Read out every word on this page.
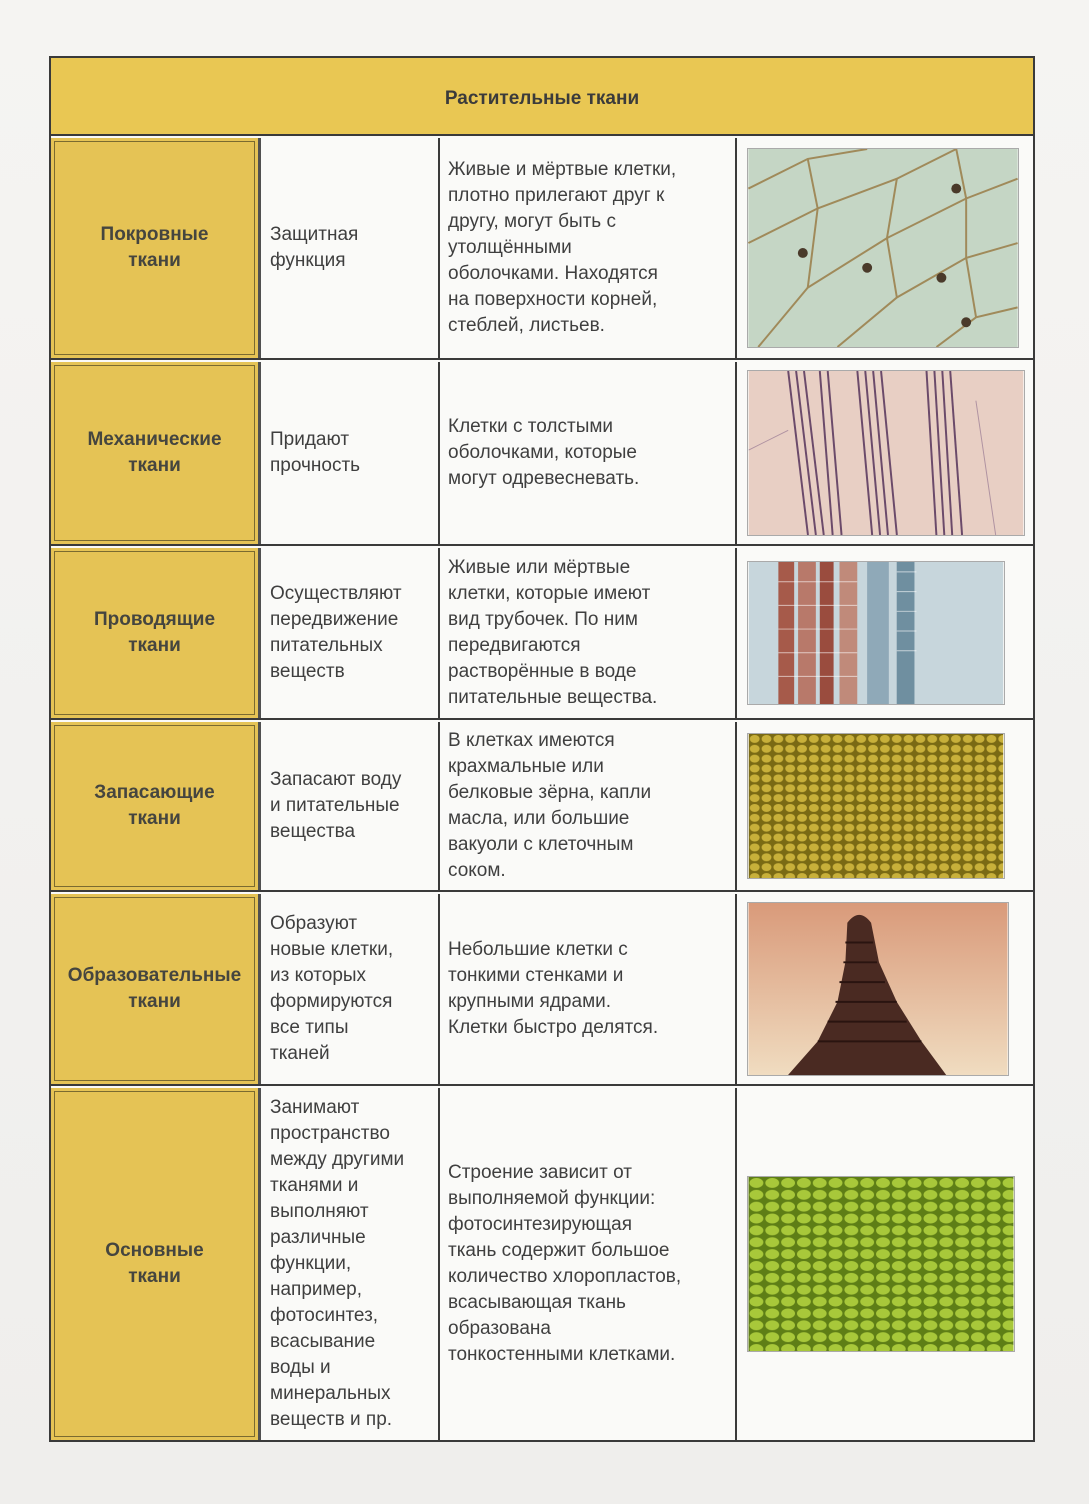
Растительные ткани
Покровные
ткани
Защитная
функция
Живые и мёртвые клетки,
плотно прилегают друг к
другу, могут быть с
утолщёнными
оболочками. Находятся
на поверхности корней,
стеблей, листьев.
Механические
ткани
Придают
прочность
Клетки с толстыми
оболочками, которые
могут одревесневать.
Проводящие
ткани
Осуществляют
передвижение
питательных
веществ
Живые или мёртвые
клетки, которые имеют
вид трубочек. По ним
передвигаются
растворённые в воде
питательные вещества.
Запасающие
ткани
Запасают воду
и питательные
вещества
В клетках имеются
крахмальные или
белковые зёрна, капли
масла, или большие
вакуоли с клеточным
соком.
Образовательные
ткани
Образуют
новые клетки,
из которых
формируются
все типы
тканей
Небольшие клетки с
тонкими стенками и
крупными ядрами.
Клетки быстро делятся.
Основные
ткани
Занимают
пространство
между другими
тканями и
выполняют
различные
функции,
например,
фотосинтез,
всасывание
воды и
минеральных
веществ и пр.
Строение зависит от
выполняемой функции:
фотосинтезирующая
ткань содержит большое
количество хлоропластов,
всасывающая ткань
образована
тонкостенными клетками.
